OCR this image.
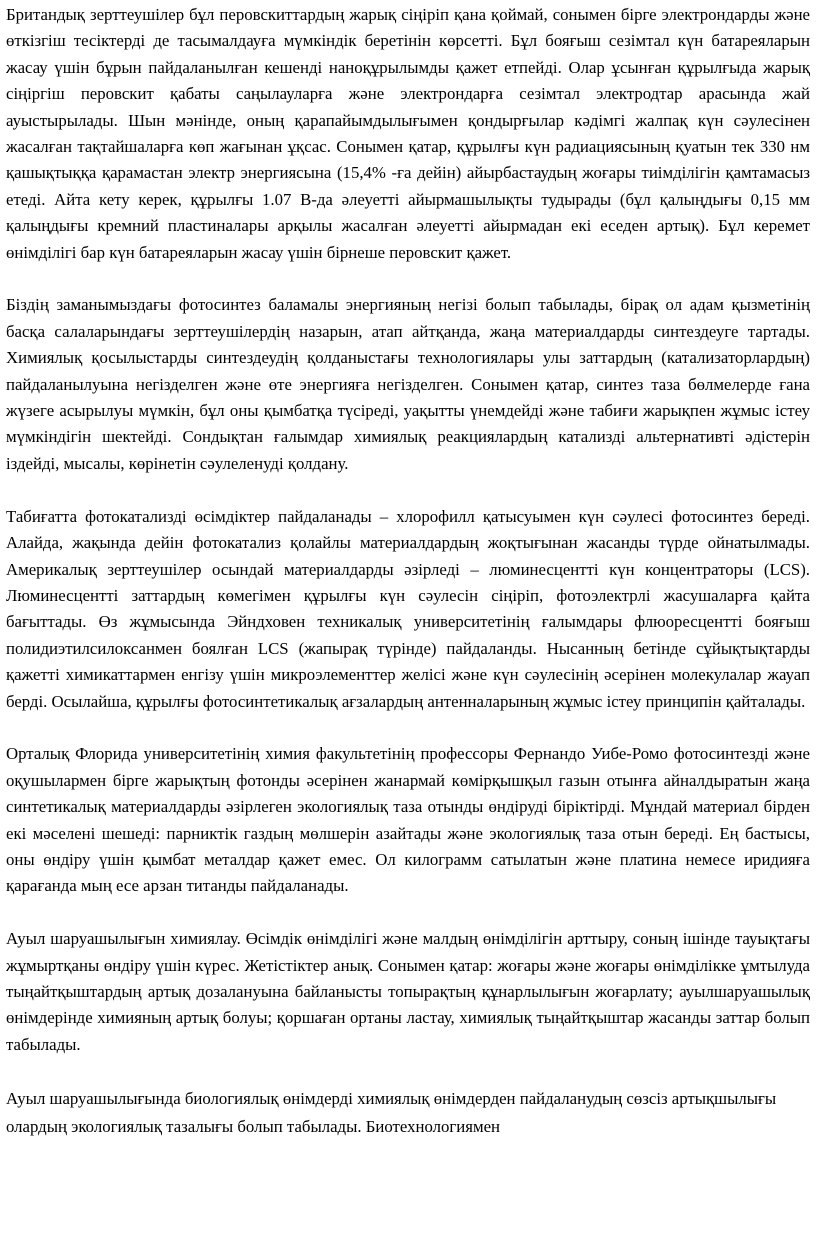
Британдық зерттеушілер бұл перовскиттардың жарық сіңіріп қана қоймай, сонымен бірге электрондарды және өткізгіш тесіктерді де тасымалдауға мүмкіндік беретінін көрсетті. Бұл бояғыш сезімтал күн батареяларын жасау үшін бұрын пайдаланылған кешенді наноқұрылымды қажет етпейді. Олар ұсынған құрылғыда жарық сіңіргіш перовскит қабаты саңылауларға және электрондарға сезімтал электродтар арасында жай ауыстырылады. Шын мәнінде, оның қарапайымдылығымен қондырғылар кәдімгі жалпақ күн сәулесінен жасалған тақтайшаларға көп жағынан ұқсас. Сонымен қатар, құрылғы күн радиациясының қуатын тек 330 нм қашықтыққа қарамастан электр энергиясына (15,4% -ға дейін) айырбастаудың жоғары тиімділігін қамтамасыз етеді. Айта кету керек, құрылғы 1.07 В-да әлеуетті айырмашылықты тудырады (бұл қалыңдығы 0,15 мм қалыңдығы кремний пластиналары арқылы жасалған әлеуетті айырмадан екі еседен артық). Бұл керемет өнімділігі бар күн батареяларын жасау үшін бірнеше перовскит қажет.

Біздің заманымыздағы фотосинтез баламалы энергияның негізі болып табылады, бірақ ол адам қызметінің басқа салаларындағы зерттеушілердің назарын, атап айтқанда, жаңа материалдарды синтездеуге тартады. Химиялық қосылыстарды синтездеудің қолданыстағы технологиялары улы заттардың (катализаторлардың) пайдаланылуына негізделген және өте энергияға негізделген. Сонымен қатар, синтез таза бөлмелерде ғана жүзеге асырылуы мүмкін, бұл оны қымбатқа түсіреді, уақытты үнемдейді және табиғи жарықпен жұмыс істеу мүмкіндігін шектейді. Сондықтан ғалымдар химиялық реакциялардың катализді альтернативті әдістерін іздейді, мысалы, көрінетін сәулеленуді қолдану.

Табиғатта фотокатализді өсімдіктер пайдаланады – хлорофилл қатысуымен күн сәулесі фотосинтез береді. Алайда, жақында дейін фотокатализ қолайлы материалдардың жоқтығынан жасанды түрде ойнатылмады. Америкалық зерттеушілер осындай материалдарды әзірледі – люминесцентті күн концентраторы (LCS). Люминесцентті заттардың көмегімен құрылғы күн сәулесін сіңіріп, фотоэлектрлі жасушаларға қайта бағыттады. Өз жұмысында Эйндховен техникалық университетінің ғалымдары флюоресцентті бояғыш полидиэтилсилоксанмен боялған LCS (жапырақ түрінде) пайдаланды. Нысанның бетінде сұйықтықтарды қажетті химикаттармен енгізу үшін микроэлементтер желісі және күн сәулесінің әсерінен молекулалар жауап берді. Осылайша, құрылғы фотосинтетикалық ағзалардың антенналарының жұмыс істеу принципін қайталады.

Орталық Флорида университетінің химия факультетінің профессоры Фернандо Уибе-Ромо фотосинтезді және оқушылармен бірге жарықтың фотонды әсерінен жанармай көмірқышқыл газын отынға айналдыратын жаңа синтетикалық материалдарды әзірлеген экологиялық таза отынды өндіруді біріктірді. Мұндай материал бірден екі мәселені шешеді: парниктік газдың мөлшерін азайтады және экологиялық таза отын береді. Ең бастысы, оны өндіру үшін қымбат металдар қажет емес. Ол килограмм сатылатын және платина немесе иридияға қарағанда мың есе арзан титанды пайдаланады.

Ауыл шаруашылығын химиялау. Өсімдік өнімділігі және малдың өнімділігін арттыру, соның ішінде тауықтағы жұмыртқаны өндіру үшін күрес. Жетістіктер анық. Сонымен қатар: жоғары және жоғары өнімділікке ұмтылуда тыңайтқыштардың артық дозалануына байланысты топырақтың құнарлылығын жоғарлату; ауылшаруашылық өнімдерінде химияның артық болуы; қоршаған ортаны ластау, химиялық тыңайтқыштар жасанды заттар болып табылады.

Ауыл шаруашылығында биологиялық өнімдерді химиялық өнімдерден пайдаланудың сөзсіз артықшылығы олардың экологиялық тазалығы болып табылады. Биотехнологиямен
